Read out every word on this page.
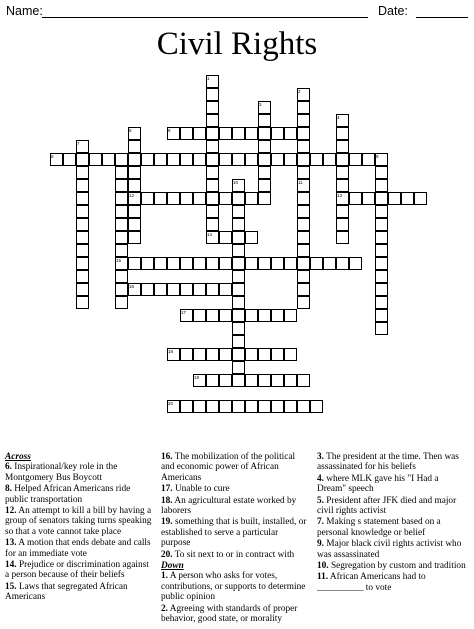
Name:	Date:
Civil Rights
1
2
3
4
5
6
7
8
9
10	11
12	13
14
15
16
17
18
19
20
Across
6. Inspirational/key role in the Montgomery Bus Boycott
8. Helped African Americans ride public transportation
12. An attempt to kill a bill by having a group of senators taking turns speaking so that a vote cannot take place
13. A motion that ends debate and calls for an immediate vote
14. Prejudice or discrimination against a person because of their beliefs
15. Laws that segregated African Americans
16. The mobilization of the political and economic power of African Americans
17. Unable to cure
18. An agricultural estate worked by laborers
19. something that is built, installed, or established to serve a particular purpose
20. To sit next to or in contract with
Down
1. A person who asks for votes, contributions, or supports to determine public opinion
2. Agreeing with standards of proper behavior, good state, or morality
3. The president at the time. Then was assassinated for his beliefs
4. where MLK gave his "I Had a Dream" speech
5. President after JFK died and major civil rights activist
7. Making s statement based on a personal knowledge or belief
9. Major black civil rights activist who was assassinated
10. Segregation by custom and tradition
11. African Americans had to __________ to vote
